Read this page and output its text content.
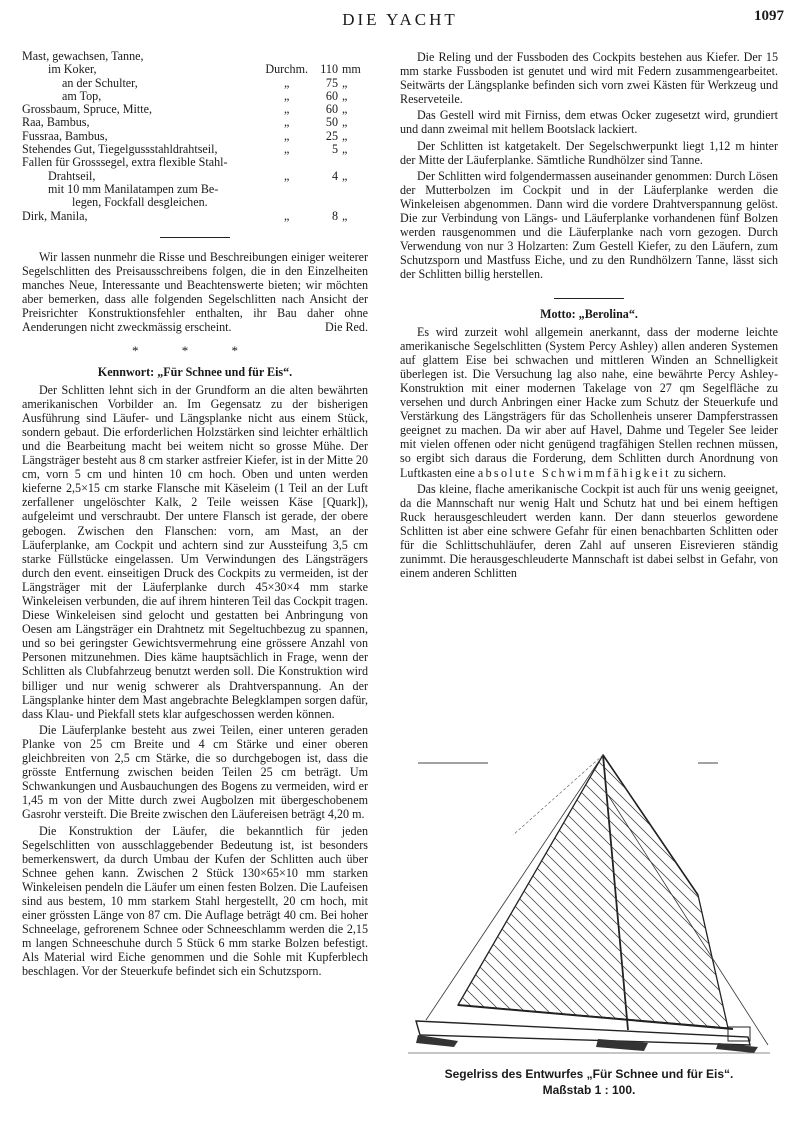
DIE YACHT	1097
Mast, gewachsen, Tanne,			
im Koker,	Durchm.	110	mm
an der Schulter,	„	75	„
am Top,	„	60	„
Grossbaum, Spruce, Mitte,	„	60	„
Raa, Bambus,	„	50	„
Fussraa, Bambus,	„	25	„
Stehendes Gut, Tiegelgussstahldrahtseil,	„	5	„
Fallen für Grosssegel, extra flexible Stahl-			
Drahtseil,	„	4	„
mit 10 mm Manilatampen zum Be-			
legen, Fockfall desgleichen.			
Dirk, Manila,	„	8	„

Wir lassen nunmehr die Risse und Beschreibungen einiger weiterer Segelschlitten des Preisausschreibens folgen, die in den Einzelheiten manches Neue, Interessante und Beachtenswerte bieten; wir möchten aber bemerken, dass alle folgenden Segelschlitten nach Ansicht der Preisrichter Konstruktionsfehler enthalten, ihr Bau daher ohne Aenderungen nicht zweckmässig erscheint.	Die Red.

* * *
Kennwort: „Für Schnee und für Eis“.

Der Schlitten lehnt sich in der Grundform an die alten bewährten amerikanischen Vorbilder an. Im Gegensatz zu der bisherigen Ausführung sind Läufer- und Längsplanke nicht aus einem Stück, sondern gebaut. Die erforderlichen Holzstärken sind leichter erhältlich und die Bearbeitung macht bei weitem nicht so grosse Mühe. Der Längsträger besteht aus 8 cm starker astfreier Kiefer, ist in der Mitte 20 cm, vorn 5 cm und hinten 10 cm hoch. Oben und unten werden kieferne 2,5×15 cm starke Flansche mit Käseleim (1 Teil an der Luft zerfallener ungelöschter Kalk, 2 Teile weissen Käse [Quark]), aufgeleimt und verschraubt. Der untere Flansch ist gerade, der obere gebogen. Zwischen den Flanschen: vorn, am Mast, an der Läuferplanke, am Cockpit und achtern sind zur Aussteifung 3,5 cm starke Füllstücke eingelassen. Um Verwindungen des Längsträgers durch den event. einseitigen Druck des Cockpits zu vermeiden, ist der Längsträger mit der Läuferplanke durch 45×30×4 mm starke Winkeleisen verbunden, die auf ihrem hinteren Teil das Cockpit tragen. Diese Winkeleisen sind gelocht und gestatten bei Anbringung von Oesen am Längsträger ein Drahtnetz mit Segeltuchbezug zu spannen, und so bei geringster Gewichtsvermehrung eine grössere Anzahl von Personen mitzunehmen. Dies käme hauptsächlich in Frage, wenn der Schlitten als Clubfahrzeug benutzt werden soll. Die Konstruktion wird billiger und nur wenig schwerer als Drahtverspannung. An der Längsplanke hinter dem Mast angebrachte Belegklampen sorgen dafür, dass Klau- und Piekfall stets klar aufgeschossen werden können.

Die Läuferplanke besteht aus zwei Teilen, einer unteren geraden Planke von 25 cm Breite und 4 cm Stärke und einer oberen gleichbreiten von 2,5 cm Stärke, die so durchgebogen ist, dass die grösste Entfernung zwischen beiden Teilen 25 cm beträgt. Um Schwankungen und Ausbauchungen des Bogens zu vermeiden, wird er 1,45 m von der Mitte durch zwei Augbolzen mit übergeschobenem Gasrohr versteift. Die Breite zwischen den Läufereisen beträgt 4,20 m.

Die Konstruktion der Läufer, die bekanntlich für jeden Segelschlitten von ausschlaggebender Bedeutung ist, ist besonders bemerkenswert, da durch Umbau der Kufen der Schlitten auch über Schnee gehen kann. Zwischen 2 Stück 130×65×10 mm starken Winkeleisen pendeln die Läufer um einen festen Bolzen. Die Laufeisen sind aus bestem, 10 mm starkem Stahl hergestellt, 20 cm hoch, mit einer grössten Länge von 87 cm. Die Auflage beträgt 40 cm. Bei hoher Schneelage, gefrorenem Schnee oder Schneeschlamm werden die 2,15 m langen Schneeschuhe durch 5 Stück 6 mm starke Bolzen befestigt. Als Material wird Eiche genommen und die Sohle mit Kupferblech beschlagen. Vor der Steuerkufe befindet sich ein Schutzsporn.

Die Reling und der Fussboden des Cockpits bestehen aus Kiefer. Der 15 mm starke Fussboden ist genutet und wird mit Federn zusammengearbeitet. Seitwärts der Längsplanke befinden sich vorn zwei Kästen für Werkzeug und Reserveteile.

Das Gestell wird mit Firniss, dem etwas Ocker zugesetzt wird, grundiert und dann zweimal mit hellem Bootslack lackiert.

Der Schlitten ist katgetakelt. Der Segelschwerpunkt liegt 1,12 m hinter der Mitte der Läuferplanke. Sämtliche Rundhölzer sind Tanne.

Der Schlitten wird folgendermassen auseinander genommen: Durch Lösen der Mutterbolzen im Cockpit und in der Läuferplanke werden die Winkeleisen abgenommen. Dann wird die vordere Drahtverspannung gelöst. Die zur Verbindung von Längs- und Läuferplanke vorhandenen fünf Bolzen werden rausgenommen und die Läuferplanke nach vorn gezogen. Durch Verwendung von nur 3 Holzarten: Zum Gestell Kiefer, zu den Läufern, zum Schutzsporn und Mastfuss Eiche, und zu den Rundhölzern Tanne, lässt sich der Schlitten billig herstellen.

Motto: „Berolina“.

Es wird zurzeit wohl allgemein anerkannt, dass der moderne leichte amerikanische Segelschlitten (System Percy Ashley) allen anderen Systemen auf glattem Eise bei schwachen und mittleren Winden an Schnelligkeit überlegen ist. Die Versuchung lag also nahe, eine bewährte Percy Ashley-Konstruktion mit einer modernen Takelage von 27 qm Segelfläche zu versehen und durch Anbringen einer Hacke zum Schutz der Steuerkufe und Verstärkung des Längsträgers für das Schollenheis unserer Dampferstrassen geeignet zu machen. Da wir aber auf Havel, Dahme und Tegeler See leider mit vielen offenen oder nicht genügend tragfähigen Stellen rechnen müssen, so ergibt sich daraus die Forderung, dem Schlitten durch Anordnung von Luftkasten eine absolute Schwimmfähigkeit zu sichern.

Das kleine, flache amerikanische Cockpit ist auch für uns wenig geeignet, da die Mannschaft nur wenig Halt und Schutz hat und bei einem heftigen Ruck herausgeschleudert werden kann. Der dann steuerlos gewordene Schlitten ist aber eine schwere Gefahr für einen benachbarten Schlitten oder für die Schlittschuhläufer, deren Zahl auf unseren Eisrevieren ständig zunimmt. Die herausgeschleuderte Mannschaft ist dabei selbst in Gefahr, von einem anderen Schlitten

Segelriss des Entwurfes „Für Schnee und für Eis“.
Maßstab 1 : 100.
